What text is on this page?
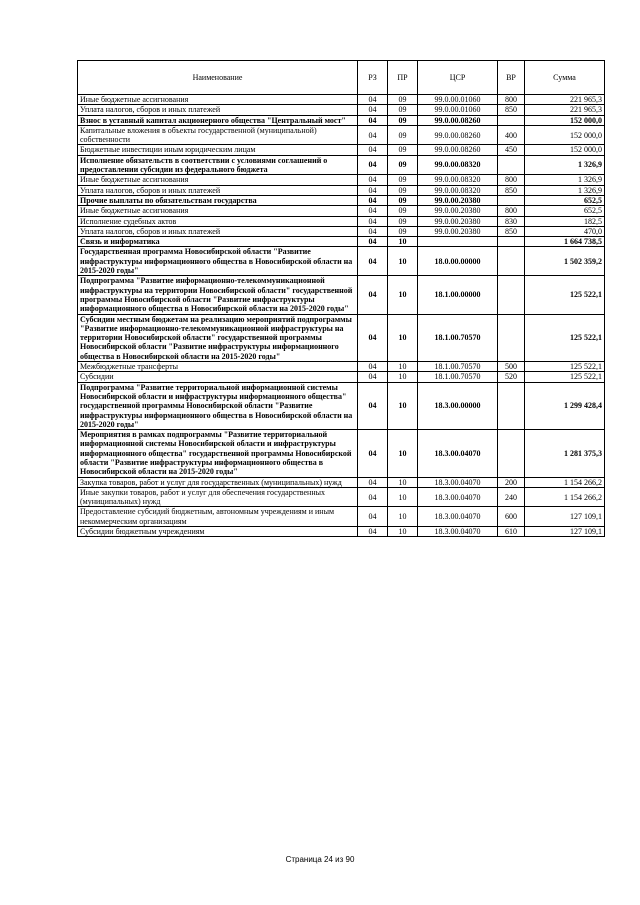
Наименование	РЗ	ПР	ЦСР	ВР	Сумма
Иные бюджетные ассигнования	04	09	99.0.00.01060	800	221 965,3
Уплата налогов, сборов и иных платежей	04	09	99.0.00.01060	850	221 965,3
Взнос в уставный капитал акционерного общества "Центральный мост"	04	09	99.0.00.08260		152 000,0
Капитальные вложения в объекты государственной (муниципальной) собственности	04	09	99.0.00.08260	400	152 000,0
Бюджетные инвестиции иным юридическим лицам	04	09	99.0.00.08260	450	152 000,0
Исполнение обязательств в соответствии с условиями соглашений о предоставлении субсидии из федерального бюджета	04	09	99.0.00.08320		1 326,9
Иные бюджетные ассигнования	04	09	99.0.00.08320	800	1 326,9
Уплата налогов, сборов и иных платежей	04	09	99.0.00.08320	850	1 326,9
Прочие выплаты по обязательствам государства	04	09	99.0.00.20380		652,5
Иные бюджетные ассигнования	04	09	99.0.00.20380	800	652,5
Исполнение судебных актов	04	09	99.0.00.20380	830	182,5
Уплата налогов, сборов и иных платежей	04	09	99.0.00.20380	850	470,0
Связь и информатика	04	10			1 664 738,5
Государственная программа Новосибирской области "Развитие инфраструктуры информационного общества в Новосибирской области на 2015-2020 годы"	04	10	18.0.00.00000		1 502 359,2
Подпрограмма "Развитие информационно-телекоммуникационной инфраструктуры на территории Новосибирской области" государственной программы Новосибирской области "Развитие инфраструктуры информационного общества в Новосибирской области на 2015-2020 годы"	04	10	18.1.00.00000		125 522,1
Субсидии местным бюджетам на реализацию мероприятий подпрограммы "Развитие информационно-телекоммуникационной инфраструктуры на территории Новосибирской области" государственной программы Новосибирской области "Развитие инфраструктуры информационного общества в Новосибирской области на 2015-2020 годы"	04	10	18.1.00.70570		125 522,1
Межбюджетные трансферты	04	10	18.1.00.70570	500	125 522,1
Субсидии	04	10	18.1.00.70570	520	125 522,1
Подпрограмма "Развитие территориальной информационной системы Новосибирской области и инфраструктуры информационного общества" государственной программы Новосибирской области "Развитие инфраструктуры информационного общества в Новосибирской области на 2015-2020 годы"	04	10	18.3.00.00000		1 299 428,4
Мероприятия в рамках подпрограммы "Развитие территориальной информационной системы Новосибирской области и инфраструктуры информационного общества" государственной программы Новосибирской области "Развитие инфраструктуры информационного общества в Новосибирской области на 2015-2020 годы"	04	10	18.3.00.04070		1 281 375,3
Закупка товаров, работ и услуг для государственных (муниципальных) нужд	04	10	18.3.00.04070	200	1 154 266,2
Иные закупки товаров, работ и услуг для обеспечения государственных (муниципальных) нужд	04	10	18.3.00.04070	240	1 154 266,2
Предоставление субсидий бюджетным, автономным учреждениям и иным некоммерческим организациям	04	10	18.3.00.04070	600	127 109,1
Субсидии бюджетным учреждениям	04	10	18.3.00.04070	610	127 109,1
Страница 24 из 90
